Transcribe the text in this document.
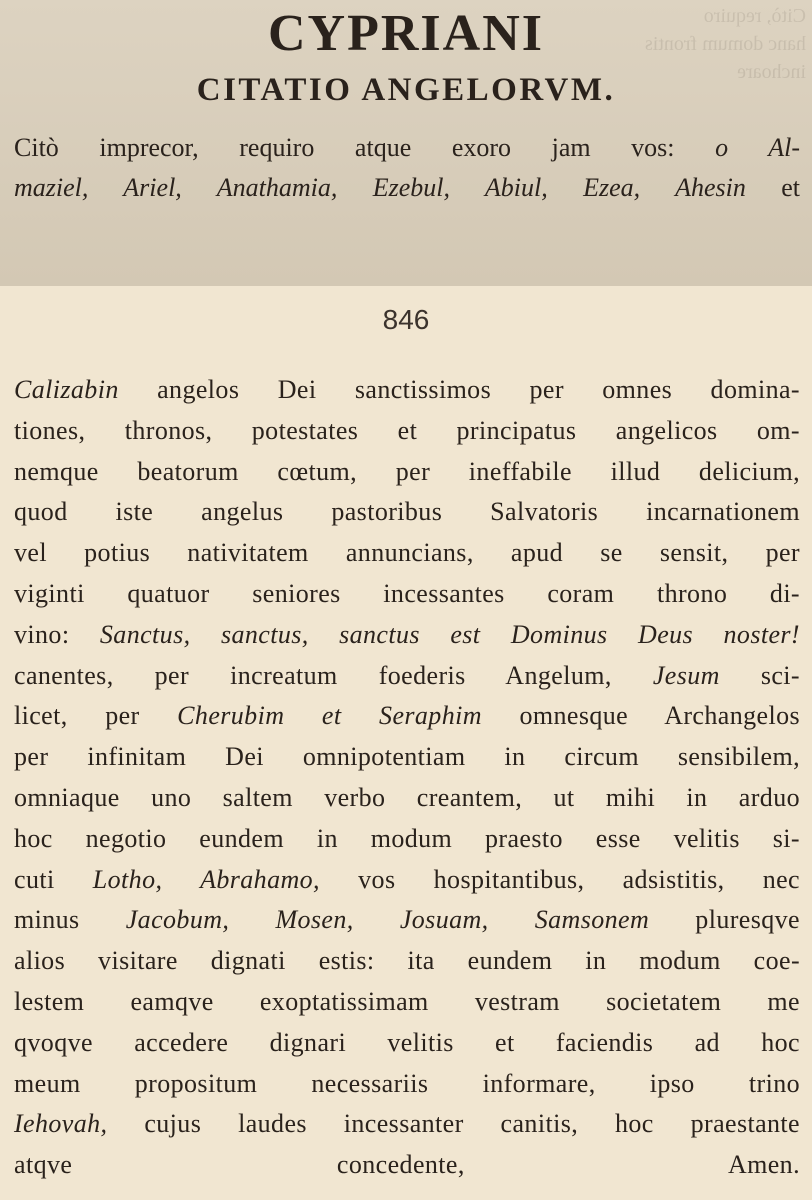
Citò, requiro
hanc domum frontis
inchoare
CYPRIANI
CITATIO ANGELORVM.
Citò imprecor, requiro atque exoro jam vos: o Al-
maziel, Ariel, Anathamia, Ezebul, Abiul, Ezea, Ahesin et
846
Calizabin angelos Dei sanctissimos per omnes domina-
tiones, thronos, potestates et principatus angelicos om-
nemque beatorum cœtum, per ineffabile illud delicium,
quod iste angelus pastoribus Salvatoris incarnationem
vel potius nativitatem annuncians, apud se sensit, per
viginti quatuor seniores incessantes coram throno di-
vino: Sanctus, sanctus, sanctus est Dominus Deus noster!
canentes, per increatum foederis Angelum, Jesum sci-
licet, per Cherubim et Seraphim omnesque Archangelos
per infinitam Dei omnipotentiam in circum sensibilem,
omniaque uno saltem verbo creantem, ut mihi in arduo
hoc negotio eundem in modum praesto esse velitis si-
cuti Lotho, Abrahamo, vos hospitantibus, adsistitis, nec
minus Jacobum, Mosen, Josuam, Samsonem pluresqve
alios visitare dignati estis: ita eundem in modum coe-
lestem eamqve exoptatissimam vestram societatem me
qvoqve accedere dignari velitis et faciendis ad hoc
meum propositum necessariis informare, ipso trino
Iehovah, cujus laudes incessanter canitis, hoc praestante
atqve concedente, Amen.
